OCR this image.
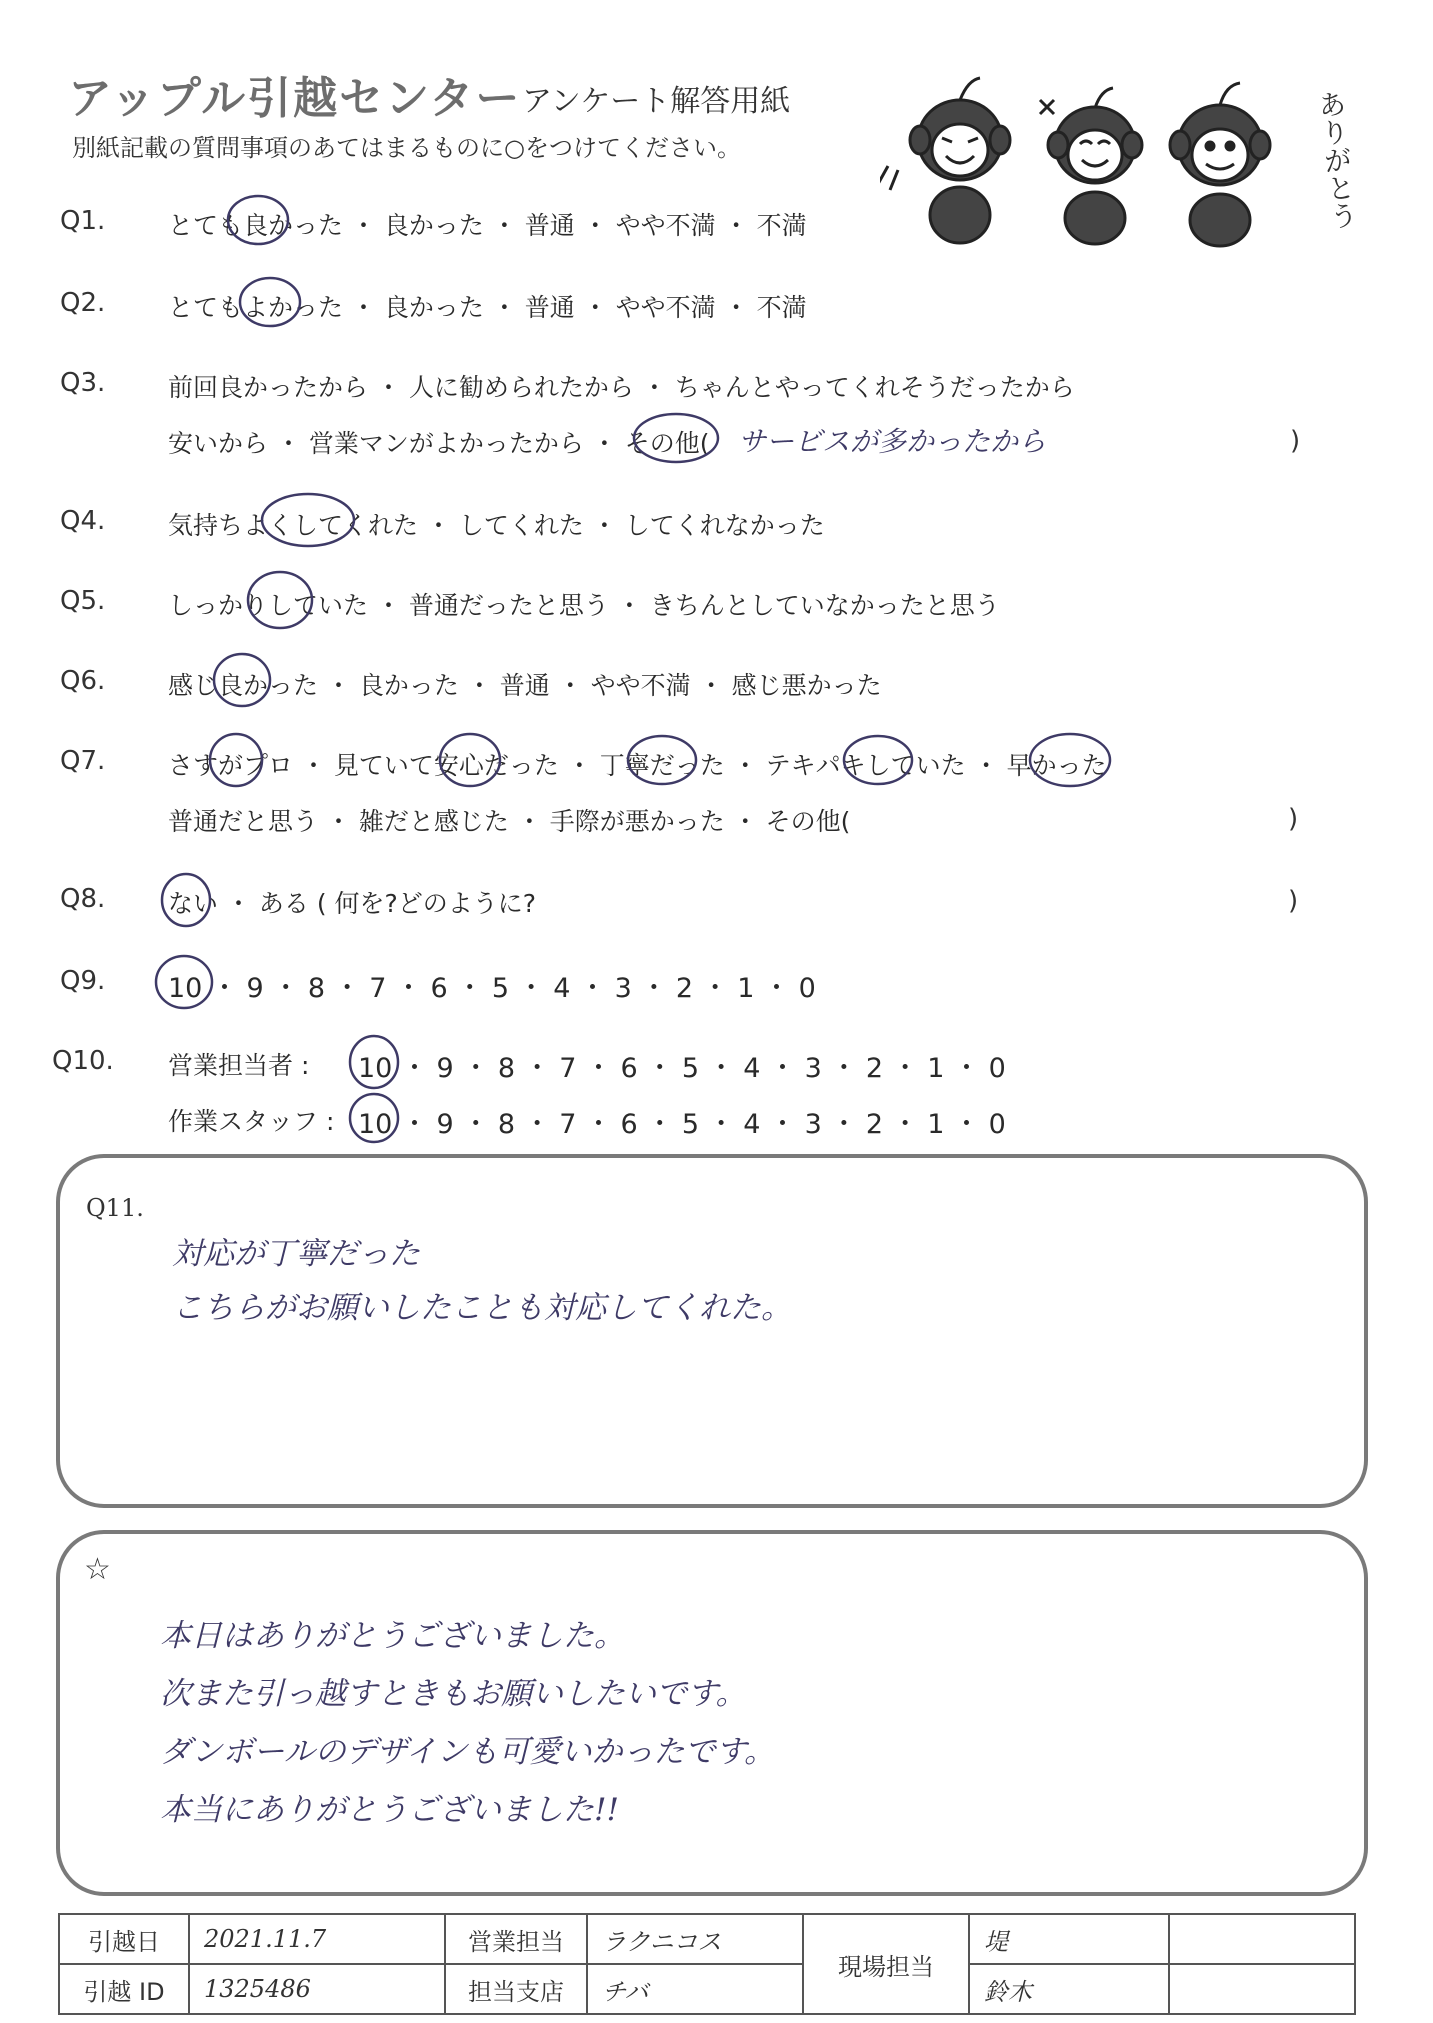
アップル引越センター アンケート解答用紙
別紙記載の質問事項のあてはまるものに○をつけてください。	ありがとう
Q1.	とても良かった ・ 良かった ・ 普通 ・ やや不満 ・ 不満
Q2.	とてもよかった ・ 良かった ・ 普通 ・ やや不満 ・ 不満
Q3.	前回良かったから ・ 人に勧められたから ・ ちゃんとやってくれそうだったから
安いから ・ 営業マンがよかったから ・ その他( サービスが多かったから	)
Q4.	気持ちよくしてくれた ・ してくれた ・ してくれなかった
Q5.	しっかりしていた ・ 普通だったと思う ・ きちんとしていなかったと思う
Q6.	感じ良かった ・ 良かった ・ 普通 ・ やや不満 ・ 感じ悪かった
Q7.	さすがプロ ・ 見ていて安心だった ・ 丁寧だった ・ テキパキしていた ・ 早かった
普通だと思う ・ 雑だと感じた ・ 手際が悪かった ・ その他(	)
Q8.	ない ・ ある ( 何を?どのように?	)
Q9. 10 ・ 9 ・ 8 ・ 7 ・ 6 ・ 5 ・ 4 ・ 3 ・ 2 ・ 1 ・ 0
Q10. 営業担当者 : 10 ・ 9 ・ 8 ・ 7 ・ 6 ・ 5 ・ 4 ・ 3 ・ 2 ・ 1 ・ 0
作業スタッフ : 10 ・ 9 ・ 8 ・ 7 ・ 6 ・ 5 ・ 4 ・ 3 ・ 2 ・ 1 ・ 0
Q11.
対応が丁寧だった
こちらがお願いしたことも対応してくれた。
☆
本日はありがとうございました。
次また引っ越すときもお願いしたいです。
ダンボールのデザインも可愛いかったです。
本当にありがとうございました!!
引越日	2021.11.7	営業担当	ラクニコス	現場担当	堤	
引越 ID	1325486	担当支店	チバ		鈴木	
